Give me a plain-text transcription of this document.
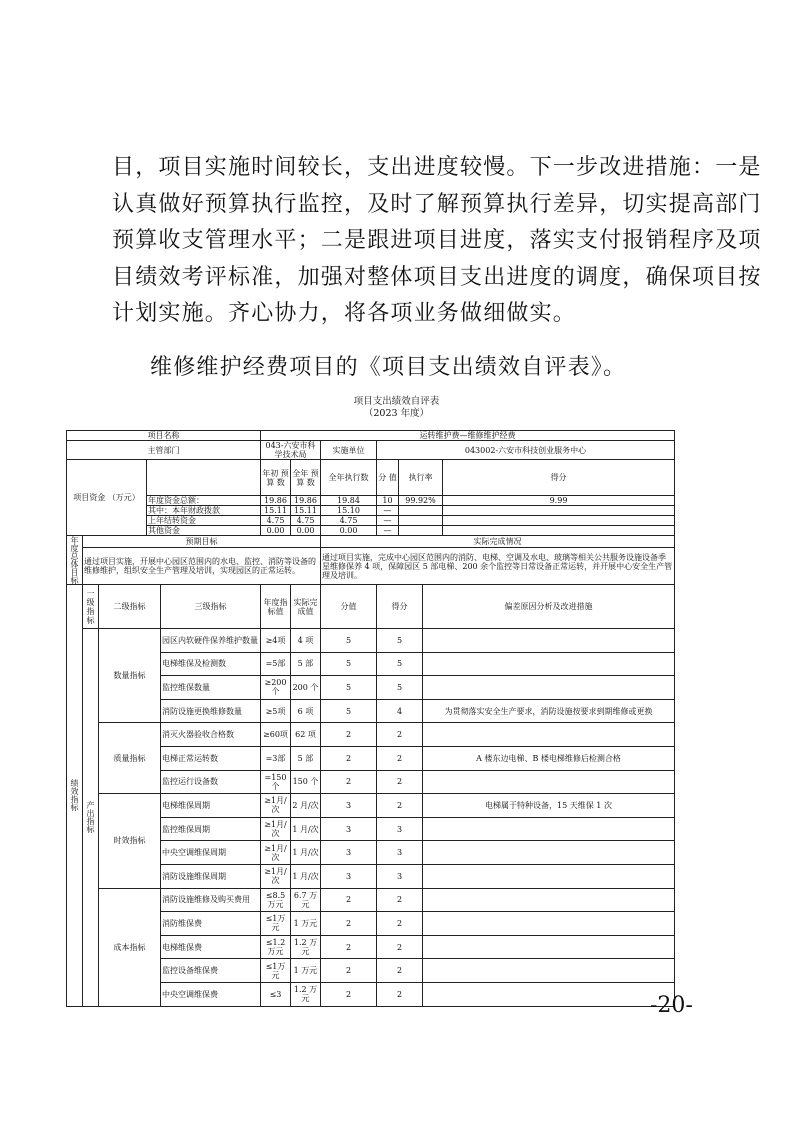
目，项目实施时间较长，支出进度较慢。下一步改进措施：一是
认真做好预算执行监控，及时了解预算执行差异，切实提高部门
预算收支管理水平；二是跟进项目进度，落实支付报销程序及项
目绩效考评标准，加强对整体项目支出进度的调度，确保项目按
计划实施。齐心协力，将各项业务做细做实。
维修维护经费项目的《项目支出绩效自评表》。
项目支出绩效自评表
（2023 年度）
项目名称					运转维护费—维修维护经费						
主管部门					043-六安市科学技术局		实施单位	043002-六安市科技创业服务中心			
项目资金 （万元）					年初 预算 数	全年 预算 数	全年执行数	分 值	执行率		得分
			年度资金总额：		19.86	19.86	19.84	10	99.92%		9.99
			其中：本年财政拨款		15.11	15.11	15.10	—			
			上年结转资金		4.75	4.75	4.75	—			
			其他资金		0.00	0.00	0.00	—			
年度总体目标	预期目标						实际完成情况				
	通过项目实施，开展中心园区范围内的水电、监控、消防等设备的维修维护，组织安全生产管理及培训，实现园区的正常运转。						通过项目实施，完成中心园区范围内的消防、电梯、空调及水电、玻璃等相关公共服务设施设备季星维修保养 4 项，保障园区 5 部电梯、200 余个监控等日常设备正常运转，并开展中心安全生产管理及培训。				
绩效指标	一级指标	二级指标		三级指标	年度指标值	实际完成值	分值	得分		偏差原因分析及改进措施	
	产出指标	数量指标		园区内软硬件保养维护数量	≥4项	4 项	5	5			
				电梯维保及检测数	=5部	5 部	5	5			
				监控维保数量	≥200个	200 个	5	5			
				消防设施更换维修数量	≥5项	6 项	5	4		为贯彻落实安全生产要求，消防设施按要求到期维修或更换	
		质量指标		消灭火器验收合格数	≥60项	62 项	2	2			
				电梯正常运转数	=3部	5 部	2	2		A 楼东边电梯、B 楼电梯维修后检测合格	
				监控运行设备数	=150个	150 个	2	2			
		时效指标		电梯维保周期	≥1月/次	2 月/次	3	2		电梯属于特种设备，15 天维保 1 次	
				监控维保周期	≥1月/次	1 月/次	3	3			
				中央空调维保周期	≥1月/次	1 月/次	3	3			
				消防设施维保周期	≥1月/次	1 月/次	3	3			
		成本指标		消防设施维修及购买费用	≤8.5万元	6.7 万元	2	2			
				消防维保费	≤1万元	1 万元	2	2			
				电梯维保费	≤1.2万元	1.2 万元	2	2			
				监控设备维保费	≤1万元	1 万元	2	2			
				中央空调维保费	≤3	1.2 万元	2	2				-20-
